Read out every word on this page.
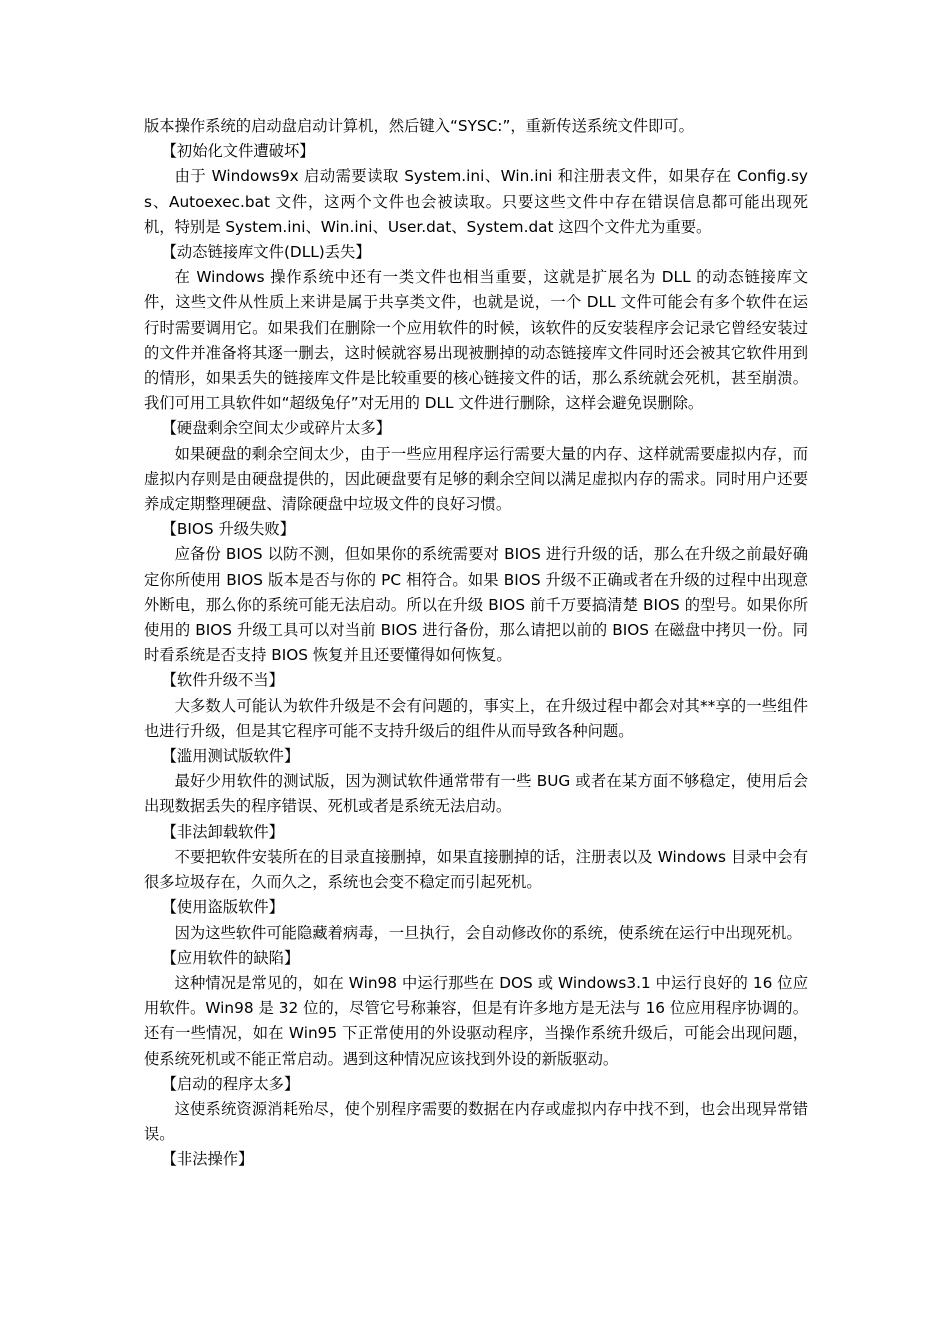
版本操作系统的启动盘启动计算机，然后键入“SYSC:”，重新传送系统文件即可。

【初始化文件遭破坏】

由于 Windows9x 启动需要读取 System.ini、Win.ini 和注册表文件，如果存在 Config.sys、Autoexec.bat 文件，这两个文件也会被读取。只要这些文件中存在错误信息都可能出现死机，特别是 System.ini、Win.ini、User.dat、System.dat 这四个文件尤为重要。

【动态链接库文件(DLL)丢失】

在 Windows 操作系统中还有一类文件也相当重要，这就是扩展名为 DLL 的动态链接库文件，这些文件从性质上来讲是属于共享类文件，也就是说，一个 DLL 文件可能会有多个软件在运行时需要调用它。如果我们在删除一个应用软件的时候，该软件的反安装程序会记录它曾经安装过的文件并准备将其逐一删去，这时候就容易出现被删掉的动态链接库文件同时还会被其它软件用到的情形，如果丢失的链接库文件是比较重要的核心链接文件的话，那么系统就会死机，甚至崩溃。我们可用工具软件如“超级兔仔”对无用的 DLL 文件进行删除，这样会避免误删除。

【硬盘剩余空间太少或碎片太多】

如果硬盘的剩余空间太少，由于一些应用程序运行需要大量的内存、这样就需要虚拟内存，而虚拟内存则是由硬盘提供的，因此硬盘要有足够的剩余空间以满足虚拟内存的需求。同时用户还要养成定期整理硬盘、清除硬盘中垃圾文件的良好习惯。

【BIOS 升级失败】

应备份 BIOS 以防不测，但如果你的系统需要对 BIOS 进行升级的话，那么在升级之前最好确定你所使用 BIOS 版本是否与你的 PC 相符合。如果 BIOS 升级不正确或者在升级的过程中出现意外断电，那么你的系统可能无法启动。所以在升级 BIOS 前千万要搞清楚 BIOS 的型号。如果你所使用的 BIOS 升级工具可以对当前 BIOS 进行备份，那么请把以前的 BIOS 在磁盘中拷贝一份。同时看系统是否支持 BIOS 恢复并且还要懂得如何恢复。

【软件升级不当】

大多数人可能认为软件升级是不会有问题的，事实上，在升级过程中都会对其**享的一些组件也进行升级，但是其它程序可能不支持升级后的组件从而导致各种问题。

【滥用测试版软件】

最好少用软件的测试版，因为测试软件通常带有一些 BUG 或者在某方面不够稳定，使用后会出现数据丢失的程序错误、死机或者是系统无法启动。

【非法卸载软件】

不要把软件安装所在的目录直接删掉，如果直接删掉的话，注册表以及 Windows 目录中会有很多垃圾存在，久而久之，系统也会变不稳定而引起死机。

【使用盗版软件】

因为这些软件可能隐藏着病毒，一旦执行，会自动修改你的系统，使系统在运行中出现死机。

【应用软件的缺陷】

这种情况是常见的，如在 Win98 中运行那些在 DOS 或 Windows3.1 中运行良好的 16 位应用软件。Win98 是 32 位的，尽管它号称兼容，但是有许多地方是无法与 16 位应用程序协调的。还有一些情况，如在 Win95 下正常使用的外设驱动程序，当操作系统升级后，可能会出现问题，使系统死机或不能正常启动。遇到这种情况应该找到外设的新版驱动。

【启动的程序太多】

这使系统资源消耗殆尽，使个别程序需要的数据在内存或虚拟内存中找不到，也会出现异常错误。

【非法操作】
